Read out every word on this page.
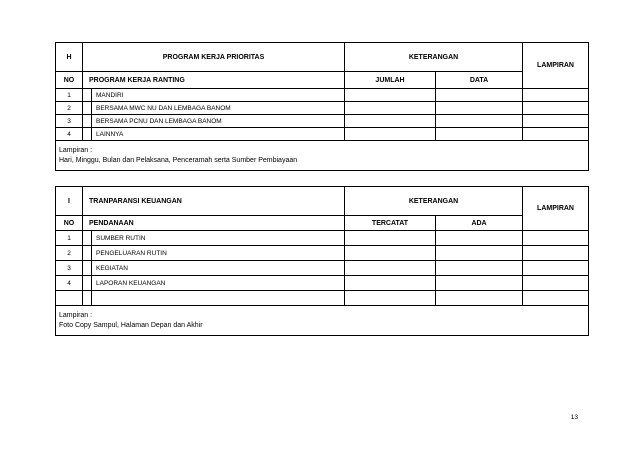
H	PROGRAM KERJA PRIORITAS		KETERANGAN		LAMPIRAN
NO	PROGRAM KERJA RANTING		JUMLAH	DATA	
1		MANDIRI			
2		BERSAMA MWC NU DAN LEMBAGA BANOM			
3		BERSAMA PCNU DAN LEMBAGA BANOM			
4		LAINNYA			

Lampiran :
Hari, Minggu, Bulan dan Pelaksana, Penceramah serta Sumber Pembiayaan					
I	TRANPARANSI KEUANGAN		KETERANGAN		LAMPIRAN
NO	PENDANAAN		TERCATAT	ADA	
1		SUMBER RUTIN			
2		PENGELUARAN RUTIN			
3		KEGIATAN			
4		LAPORAN KEUANGAN			

Lampiran :
Foto Copy Sampul, Halaman Depan dan Akhir					
13
